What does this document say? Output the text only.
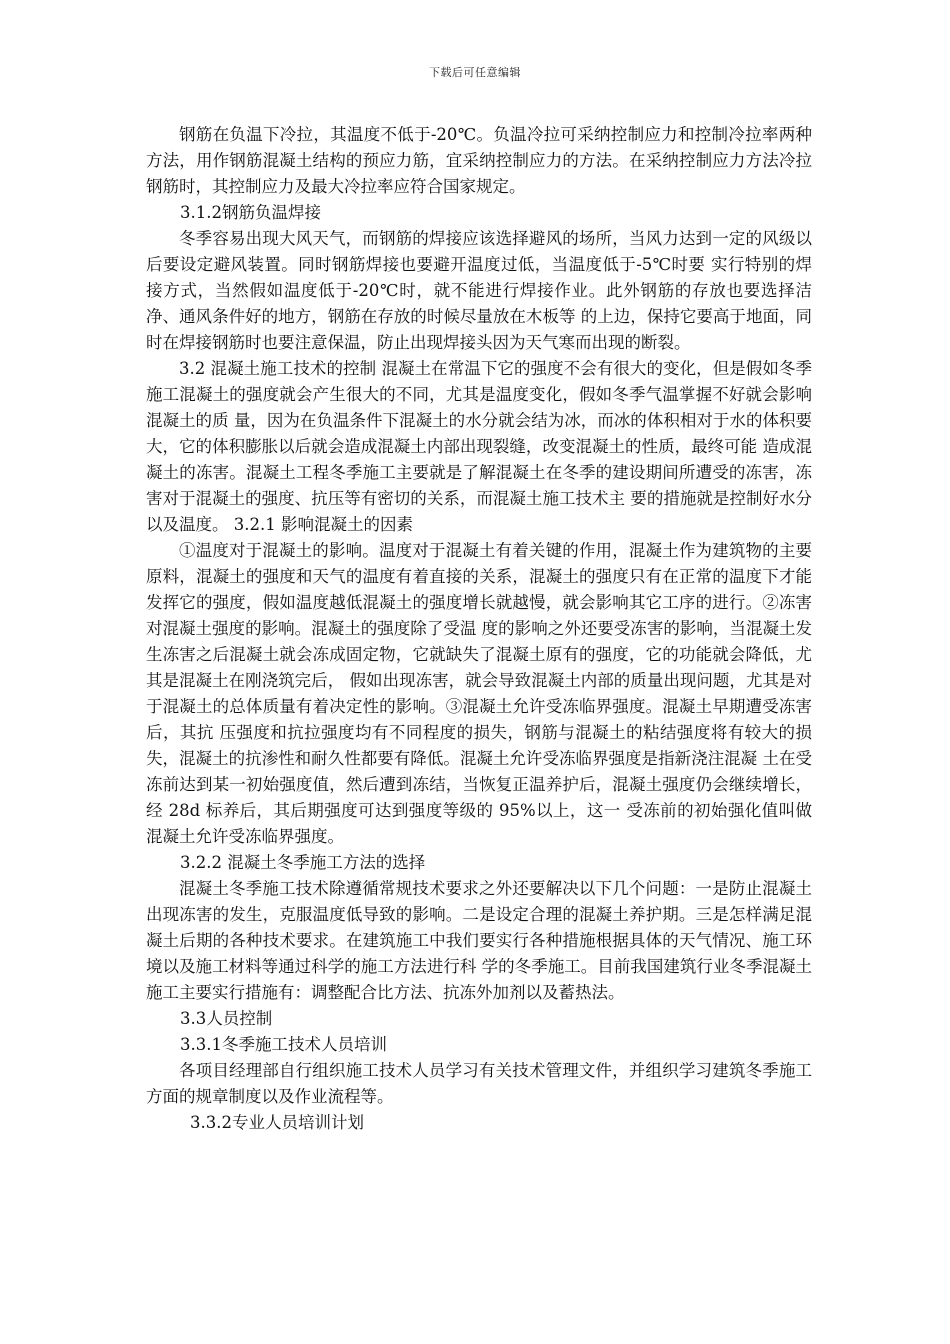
下载后可任意编辑

钢筋在负温下冷拉，其温度不低于-20℃。负温冷拉可采纳控制应力和控制冷拉率两种方法，用作钢筋混凝土结构的预应力筋，宜采纳控制应力的方法。在采纳控制应力方法冷拉钢筋时，其控制应力及最大冷拉率应符合国家规定。

3.1.2钢筋负温焊接

冬季容易出现大风天气，而钢筋的焊接应该选择避风的场所，当风力达到一定的风级以后要设定避风装置。同时钢筋焊接也要避开温度过低，当温度低于-5℃时要 实行特别的焊接方式，当然假如温度低于-20℃时，就不能进行焊接作业。此外钢筋的存放也要选择洁净、通风条件好的地方，钢筋在存放的时候尽量放在木板等 的上边，保持它要高于地面，同时在焊接钢筋时也要注意保温，防止出现焊接头因为天气寒而出现的断裂。

3.2 混凝土施工技术的控制 混凝土在常温下它的强度不会有很大的变化，但是假如冬季施工混凝土的强度就会产生很大的不同，尤其是温度变化，假如冬季气温掌握不好就会影响混凝土的质 量，因为在负温条件下混凝土的水分就会结为冰，而冰的体积相对于水的体积要大，它的体积膨胀以后就会造成混凝土内部出现裂缝，改变混凝土的性质，最终可能 造成混凝土的冻害。混凝土工程冬季施工主要就是了解混凝土在冬季的建设期间所遭受的冻害，冻害对于混凝土的强度、抗压等有密切的关系，而混凝土施工技术主 要的措施就是控制好水分以及温度。 3.2.1 影响混凝土的因素

①温度对于混凝土的影响。温度对于混凝土有着关键的作用，混凝土作为建筑物的主要原料，混凝土的强度和天气的温度有着直接的关系，混凝土的强度只有在正常的温度下才能发挥它的强度，假如温度越低混凝土的强度增长就越慢，就会影响其它工序的进行。②冻害对混凝土强度的影响。混凝土的强度除了受温 度的影响之外还要受冻害的影响，当混凝土发生冻害之后混凝土就会冻成固定物，它就缺失了混凝土原有的强度，它的功能就会降低，尤其是混凝土在刚浇筑完后， 假如出现冻害，就会导致混凝土内部的质量出现问题，尤其是对于混凝土的总体质量有着决定性的影响。③混凝土允许受冻临界强度。混凝土早期遭受冻害后，其抗 压强度和抗拉强度均有不同程度的损失，钢筋与混凝土的粘结强度将有较大的损失，混凝土的抗渗性和耐久性都要有降低。混凝土允许受冻临界强度是指新浇注混凝 土在受冻前达到某一初始强度值，然后遭到冻结，当恢复正温养护后，混凝土强度仍会继续增长，经 28d 标养后，其后期强度可达到强度等级的 95%以上，这一 受冻前的初始强化值叫做混凝土允许受冻临界强度。

3.2.2 混凝土冬季施工方法的选择

混凝土冬季施工技术除遵循常规技术要求之外还要解决以下几个问题：一是防止混凝土出现冻害的发生，克服温度低导致的影响。二是设定合理的混凝土养护期。三是怎样满足混凝土后期的各种技术要求。在建筑施工中我们要实行各种措施根据具体的天气情况、施工环境以及施工材料等通过科学的施工方法进行科 学的冬季施工。目前我国建筑行业冬季混凝土施工主要实行措施有：调整配合比方法、抗冻外加剂以及蓄热法。

3.3人员控制

3.3.1冬季施工技术人员培训

各项目经理部自行组织施工技术人员学习有关技术管理文件，并组织学习建筑冬季施工方面的规章制度以及作业流程等。

3.3.2专业人员培训计划
